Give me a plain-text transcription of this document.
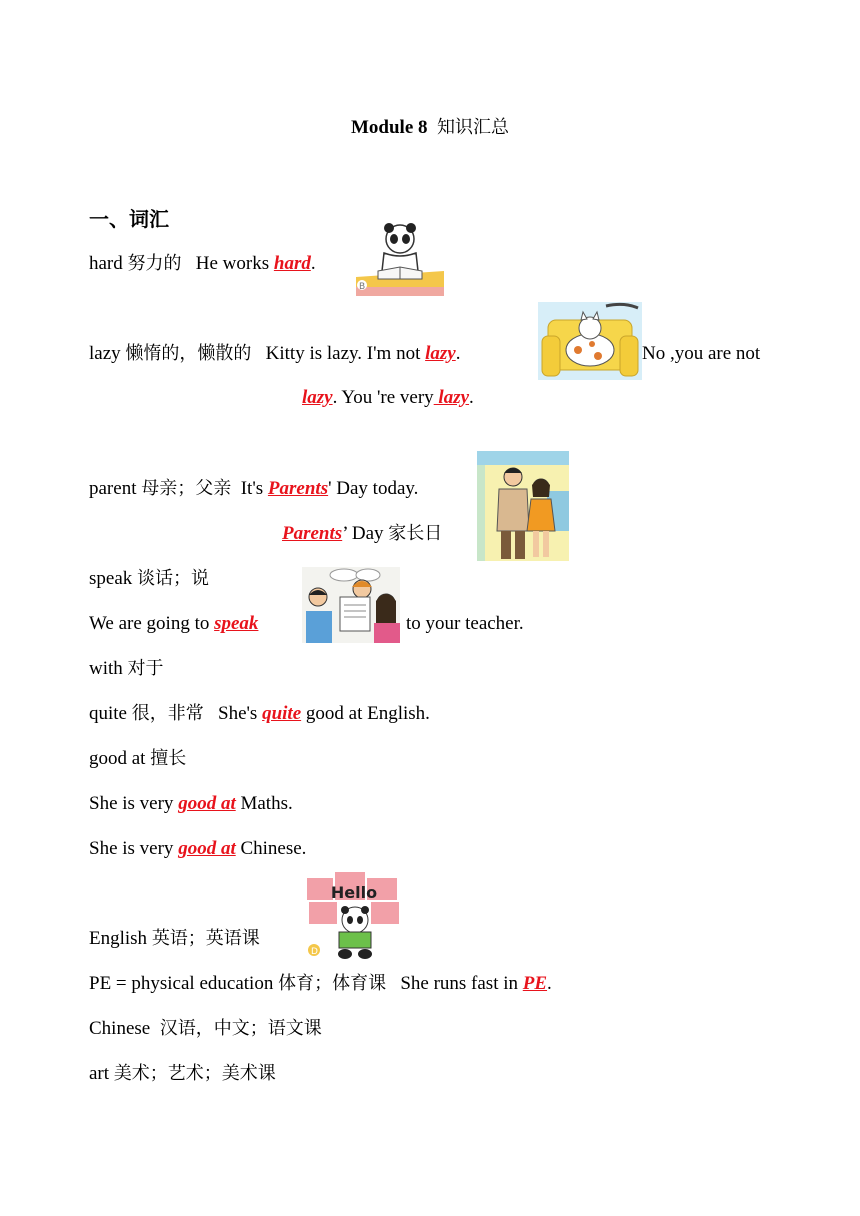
Module 8 知识汇总
一、词汇
hard 努力的 He works hard.
B
lazy 懒惰的，懒散的 Kitty is lazy. I'm not lazy.	No ,you are not
lazy. You 're very lazy.
parent 母亲；父亲 It's Parents' Day today.
Parents’ Day 家长日
speak 谈话；说
We are going to speak	to your teacher.
with 对于
quite 很，非常 She's quite good at English.
good at 擅长
She is very good at Maths.
She is very good at Chinese.
Hello
D
English 英语；英语课
PE = physical education 体育；体育课 She runs fast in PE.
Chinese 汉语，中文；语文课
art 美术；艺术；美术课
